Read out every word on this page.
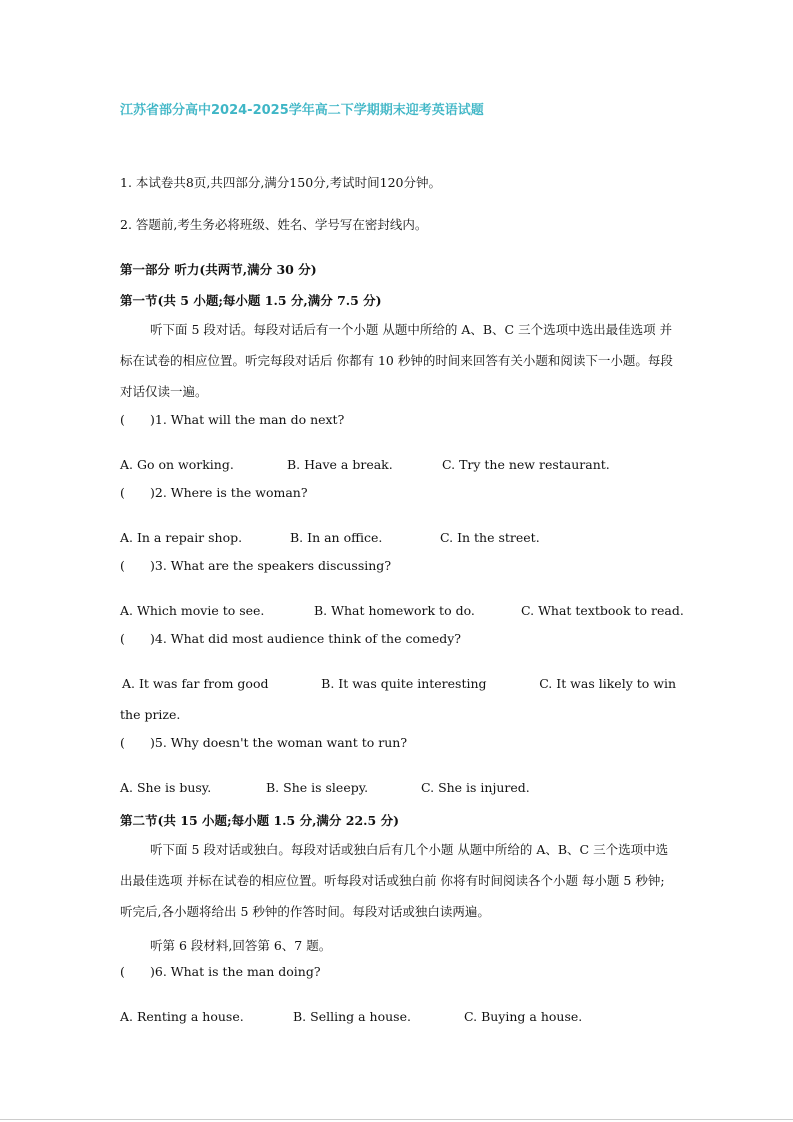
江苏省部分高中2024-2025学年高二下学期期末迎考英语试题
1. 本试卷共8页,共四部分,满分150分,考试时间120分钟。
2. 答题前,考生务必将班级、姓名、学号写在密封线内。
第一部分 听力(共两节,满分 30 分)
第一节(共 5 小题;每小题 1.5 分,满分 7.5 分)
听下面 5 段对话。每段对话后有一个小题 从题中所给的 A、B、C 三个选项中选出最佳选项 并标在试卷的相应位置。听完每段对话后 你都有 10 秒钟的时间来回答有关小题和阅读下一小题。每段对话仅读一遍。
( )1. What will the man do next?
A. Go on working.	B. Have a break.	C. Try the new restaurant.
( )2. Where is the woman?
A. In a repair shop.	B. In an office.	C. In the street.
( )3. What are the speakers discussing?
A. Which movie to see.	B. What homework to do.	C. What textbook to read.
( )4. What did most audience think of the comedy?
A. It was far from good	B. It was quite interesting	C. It was likely to win
the prize.
( )5. Why doesn't the woman want to run?
A. She is busy.	B. She is sleepy.	C. She is injured.
第二节(共 15 小题;每小题 1.5 分,满分 22.5 分)
听下面 5 段对话或独白。每段对话或独白后有几个小题 从题中所给的 A、B、C 三个选项中选出最佳选项 并标在试卷的相应位置。听每段对话或独白前 你将有时间阅读各个小题 每小题 5 秒钟;听完后,各小题将给出 5 秒钟的作答时间。每段对话或独白读两遍。
听第 6 段材料,回答第 6、7 题。
( )6. What is the man doing?
A. Renting a house.	B. Selling a house.	C. Buying a house.
